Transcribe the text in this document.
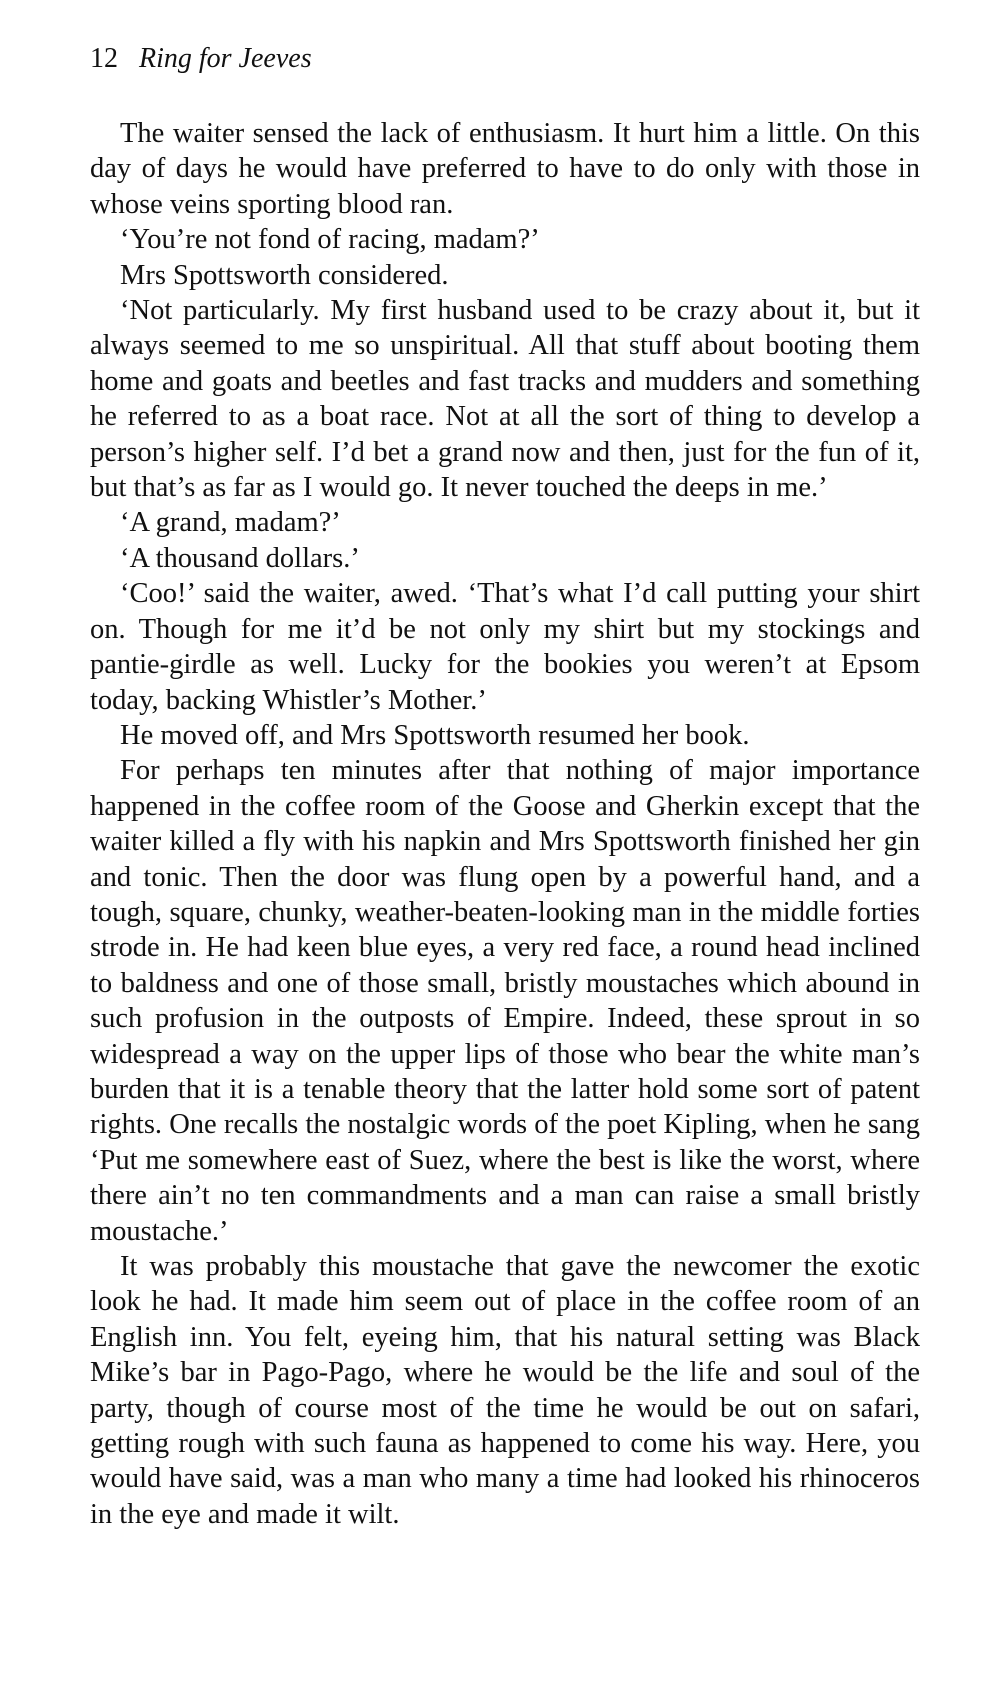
12 Ring for Jeeves

The waiter sensed the lack of enthusiasm. It hurt him a little. On this day of days he would have preferred to have to do only with those in whose veins sporting blood ran.

‘You’re not fond of racing, madam?’

Mrs Spottsworth considered.

‘Not particularly. My first husband used to be crazy about it, but it always seemed to me so unspiritual. All that stuff about booting them home and goats and beetles and fast tracks and mudders and something he referred to as a boat race. Not at all the sort of thing to develop a person’s higher self. I’d bet a grand now and then, just for the fun of it, but that’s as far as I would go. It never touched the deeps in me.’

‘A grand, madam?’

‘A thousand dollars.’

‘Coo!’ said the waiter, awed. ‘That’s what I’d call putting your shirt on. Though for me it’d be not only my shirt but my stockings and pantie-girdle as well. Lucky for the bookies you weren’t at Epsom today, backing Whistler’s Mother.’

He moved off, and Mrs Spottsworth resumed her book.

For perhaps ten minutes after that nothing of major importance happened in the coffee room of the Goose and Gherkin except that the waiter killed a fly with his napkin and Mrs Spottsworth finished her gin and tonic. Then the door was flung open by a powerful hand, and a tough, square, chunky, weather-beaten-looking man in the middle forties strode in. He had keen blue eyes, a very red face, a round head inclined to baldness and one of those small, bristly moustaches which abound in such profusion in the outposts of Empire. Indeed, these sprout in so widespread a way on the upper lips of those who bear the white man’s burden that it is a tenable theory that the latter hold some sort of patent rights. One recalls the nostalgic words of the poet Kipling, when he sang ‘Put me somewhere east of Suez, where the best is like the worst, where there ain’t no ten commandments and a man can raise a small bristly moustache.’

It was probably this moustache that gave the newcomer the exotic look he had. It made him seem out of place in the coffee room of an English inn. You felt, eyeing him, that his natural setting was Black Mike’s bar in Pago-Pago, where he would be the life and soul of the party, though of course most of the time he would be out on safari, getting rough with such fauna as happened to come his way. Here, you would have said, was a man who many a time had looked his rhinoceros in the eye and made it wilt.
